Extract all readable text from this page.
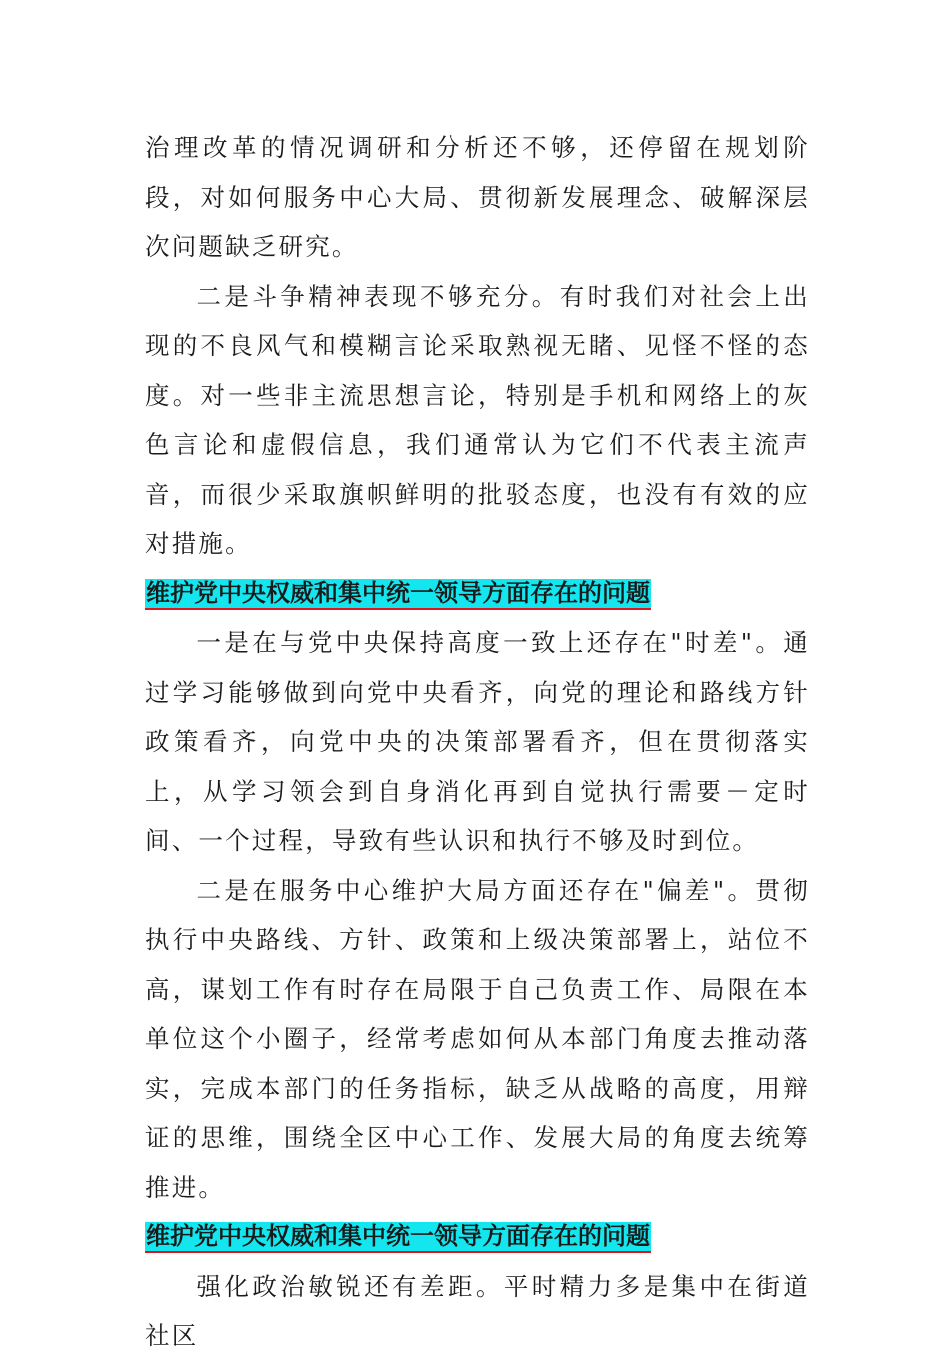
治理改革的情况调研和分析还不够，还停留在规划阶段，对如何服务中心大局、贯彻新发展理念、破解深层次问题缺乏研究。

二是斗争精神表现不够充分。有时我们对社会上出现的不良风气和模糊言论采取熟视无睹、见怪不怪的态度。对一些非主流思想言论，特别是手机和网络上的灰色言论和虚假信息，我们通常认为它们不代表主流声音，而很少采取旗帜鲜明的批驳态度，也没有有效的应对措施。

维护党中央权威和集中统一领导方面存在的问题

一是在与党中央保持高度一致上还存在"时差"。通过学习能够做到向党中央看齐，向党的理论和路线方针政策看齐，向党中央的决策部署看齐，但在贯彻落实上，从学习领会到自身消化再到自觉执行需要－定时间、一个过程，导致有些认识和执行不够及时到位。

二是在服务中心维护大局方面还存在"偏差"。贯彻执行中央路线、方针、政策和上级决策部署上，站位不高，谋划工作有时存在局限于自己负责工作、局限在本单位这个小圈子，经常考虑如何从本部门角度去推动落实，完成本部门的任务指标，缺乏从战略的高度，用辩证的思维，围绕全区中心工作、发展大局的角度去统筹推进。

维护党中央权威和集中统一领导方面存在的问题

强化政治敏锐还有差距。平时精力多是集中在街道社区
